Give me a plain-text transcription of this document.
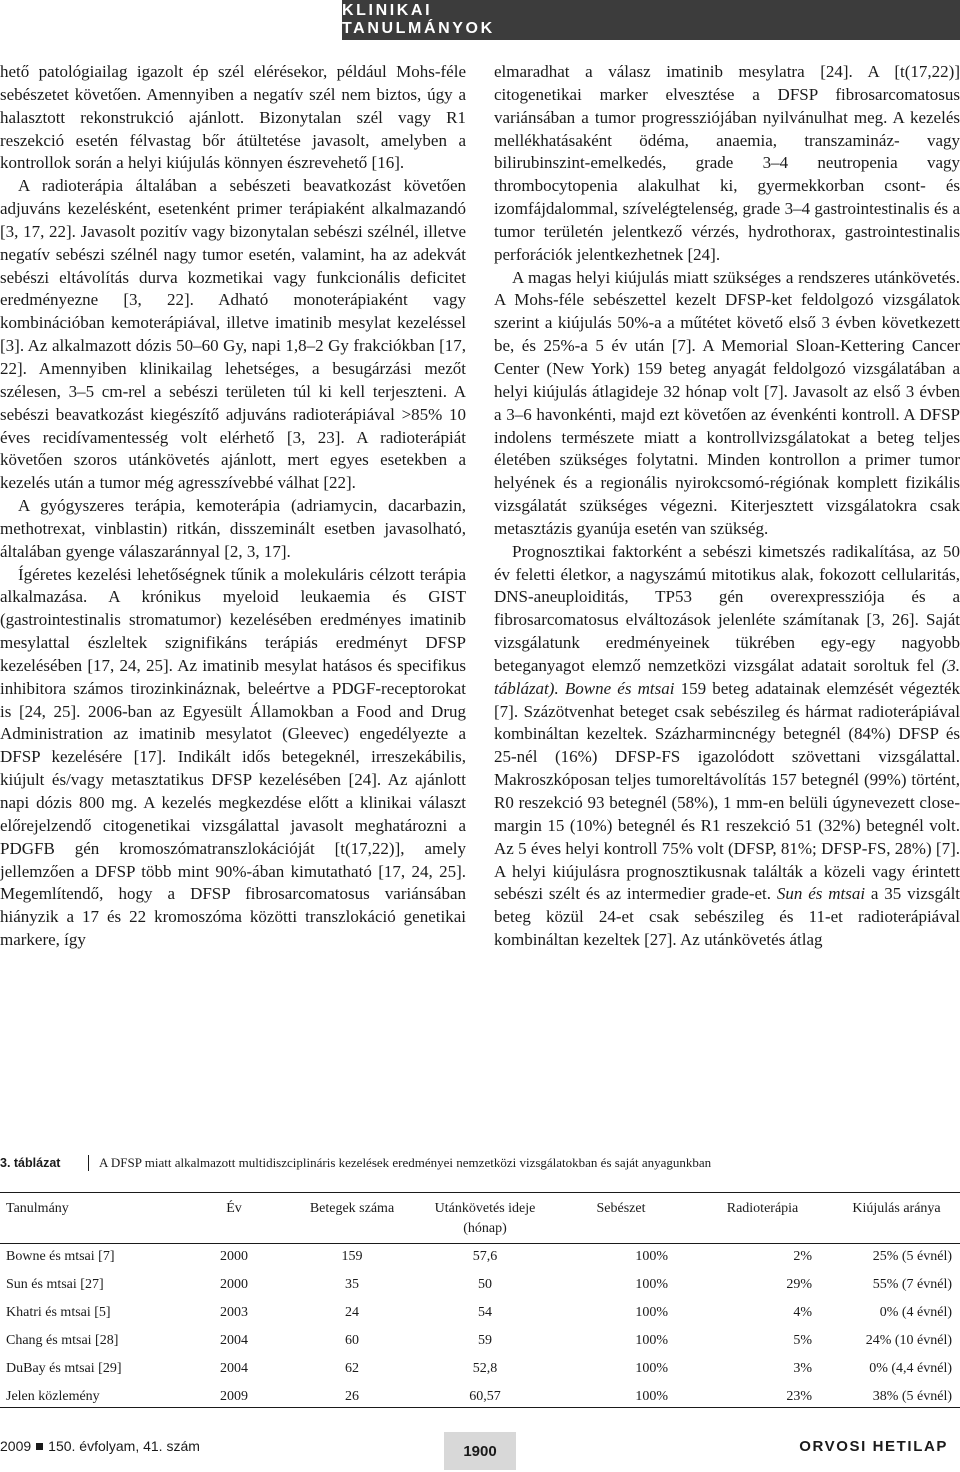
KLINIKAI TANULMÁNYOK

hető patológiailag igazolt ép szél elérésekor, például Mohs-féle sebészetet követően. Amennyiben a negatív szél nem biztos, úgy a halasztott rekonstrukció ajánlott. Bizonytalan szél vagy R1 reszekció esetén félvastag bőr átültetése javasolt, amelyben a kontrollok során a helyi kiújulás könnyen észrevehető [16].

A radioterápia általában a sebészeti beavatkozást követően adjuváns kezelésként, esetenként primer terápiaként alkalmazandó [3, 17, 22]. Javasolt pozitív vagy bizonytalan sebészi szélnél, illetve negatív sebészi szélnél nagy tumor esetén, valamint, ha az adekvát sebészi eltávolítás durva kozmetikai vagy funkcionális deficitet eredményezne [3, 22]. Adható monoterápiaként vagy kombinációban kemoterápiával, illetve imatinib mesylat kezeléssel [3]. Az alkalmazott dózis 50–60 Gy, napi 1,8–2 Gy frakciókban [17, 22]. Amennyiben klinikailag lehetséges, a besugárzási mezőt szélesen, 3–5 cm-rel a sebészi területen túl ki kell terjeszteni. A sebészi beavatkozást kiegészítő adjuváns radioterápiával >85% 10 éves recidívamentesség volt elérhető [3, 23]. A radioterápiát követően szoros utánkövetés ajánlott, mert egyes esetekben a kezelés után a tumor még agresszívebbé válhat [22].

A gyógyszeres terápia, kemoterápia (adriamycin, dacarbazin, methotrexat, vinblastin) ritkán, disszeminált esetben javasolható, általában gyenge válaszaránnyal [2, 3, 17].

Ígéretes kezelési lehetőségnek tűnik a molekuláris célzott terápia alkalmazása. A krónikus myeloid leukaemia és GIST (gastrointestinalis stromatumor) kezelésében eredményes imatinib mesylattal észleltek szignifikáns terápiás eredményt DFSP kezelésében [17, 24, 25]. Az imatinib mesylat hatásos és specifikus inhibitora számos tirozinkináznak, beleértve a PDGF-receptorokat is [24, 25]. 2006-ban az Egyesült Államokban a Food and Drug Administration az imatinib mesylatot (Gleevec) engedélyezte a DFSP kezelésére [17]. Indikált idős betegeknél, irreszekábilis, kiújult és/vagy metasztatikus DFSP kezelésében [24]. Az ajánlott napi dózis 800 mg. A kezelés megkezdése előtt a klinikai választ előrejelzendő citogenetikai vizsgálattal javasolt meghatározni a PDGFB gén kromoszómatranszlokációját [t(17,22)], amely jellemzően a DFSP több mint 90%-ában kimutatható [17, 24, 25]. Megemlítendő, hogy a DFSP fibrosarcomatosus variánsában hiányzik a 17 és 22 kromoszóma közötti transzlokáció genetikai markere, így

elmaradhat a válasz imatinib mesylatra [24]. A [t(17,22)] citogenetikai marker elvesztése a DFSP fibrosarcomatosus variánsában a tumor progressziójában nyilvánulhat meg. A kezelés mellékhatásaként ödéma, anaemia, transzamináz- vagy bilirubinszint-emelkedés, grade 3–4 neutropenia vagy thrombocytopenia alakulhat ki, gyermekkorban csont- és izomfájdalommal, szívelégtelenség, grade 3–4 gastrointestinalis és a tumor területén jelentkező vérzés, hydrothorax, gastrointestinalis perforációk jelentkezhetnek [24].

A magas helyi kiújulás miatt szükséges a rendszeres utánkövetés. A Mohs-féle sebészettel kezelt DFSP-ket feldolgozó vizsgálatok szerint a kiújulás 50%-a a műtétet követő első 3 évben következett be, és 25%-a 5 év után [7]. A Memorial Sloan-Kettering Cancer Center (New York) 159 beteg anyagát feldolgozó vizsgálatában a helyi kiújulás átlagideje 32 hónap volt [7]. Javasolt az első 3 évben a 3–6 havonkénti, majd ezt követően az évenkénti kontroll. A DFSP indolens természete miatt a kontrollvizsgálatokat a beteg teljes életében szükséges folytatni. Minden kontrollon a primer tumor helyének és a regionális nyirokcsomó-régiónak komplett fizikális vizsgálatát szükséges végezni. Kiterjesztett vizsgálatokra csak metasztázis gyanúja esetén van szükség.

Prognosztikai faktorként a sebészi kimetszés radikalítása, az 50 év feletti életkor, a nagyszámú mitotikus alak, fokozott cellularitás, DNS-aneuploiditás, TP53 gén overexpressziója és a fibrosarcomatosus elváltozások jelenléte számítanak [3, 26]. Saját vizsgálatunk eredményeinek tükrében egy-egy nagyobb beteganyagot elemző nemzetközi vizsgálat adatait soroltuk fel (3. táblázat). Bowne és mtsai 159 beteg adatainak elemzését végezték [7]. Százötvenhat beteget csak sebészileg és hármat radioterápiával kombináltan kezeltek. Százharmincnégy betegnél (84%) DFSP és 25-nél (16%) DFSP-FS igazolódott szövettani vizsgálattal. Makroszkóposan teljes tumoreltávolítás 157 betegnél (99%) történt, R0 reszekció 93 betegnél (58%), 1 mm-en belüli úgynevezett close-margin 15 (10%) betegnél és R1 reszekció 51 (32%) betegnél volt. Az 5 éves helyi kontroll 75% volt (DFSP, 81%; DFSP-FS, 28%) [7]. A helyi kiújulásra prognosztikusnak találták a közeli vagy érintett sebészi szélt és az intermedier grade-et. Sun és mtsai a 35 vizsgált beteg közül 24-et csak sebészileg és 11-et radioterápiával kombináltan kezeltek [27]. Az utánkövetés átlag

3. táblázat	A DFSP miatt alkalmazott multidiszciplináris kezelések eredményei nemzetközi vizsgálatokban és saját anyagunkban
Tanulmány	Év	Betegek száma	Utánkövetés ideje (hónap)	Sebészet	Radioterápia	Kiújulás aránya
Bowne és mtsai [7]	2000	159	57,6	100%	2%	25% (5 évnél)
Sun és mtsai [27]	2000	35	50	100%	29%	55% (7 évnél)
Khatri és mtsai [5]	2003	24	54	100%	4%	0% (4 évnél)
Chang és mtsai [28]	2004	60	59	100%	5%	24% (10 évnél)
DuBay és mtsai [29]	2004	62	52,8	100%	3%	0% (4,4 évnél)
Jelen közlemény	2009	26	60,57	100%	23%	38% (5 évnél)
2009 150. évfolyam, 41. szám	1900	ORVOSI HETILAP
